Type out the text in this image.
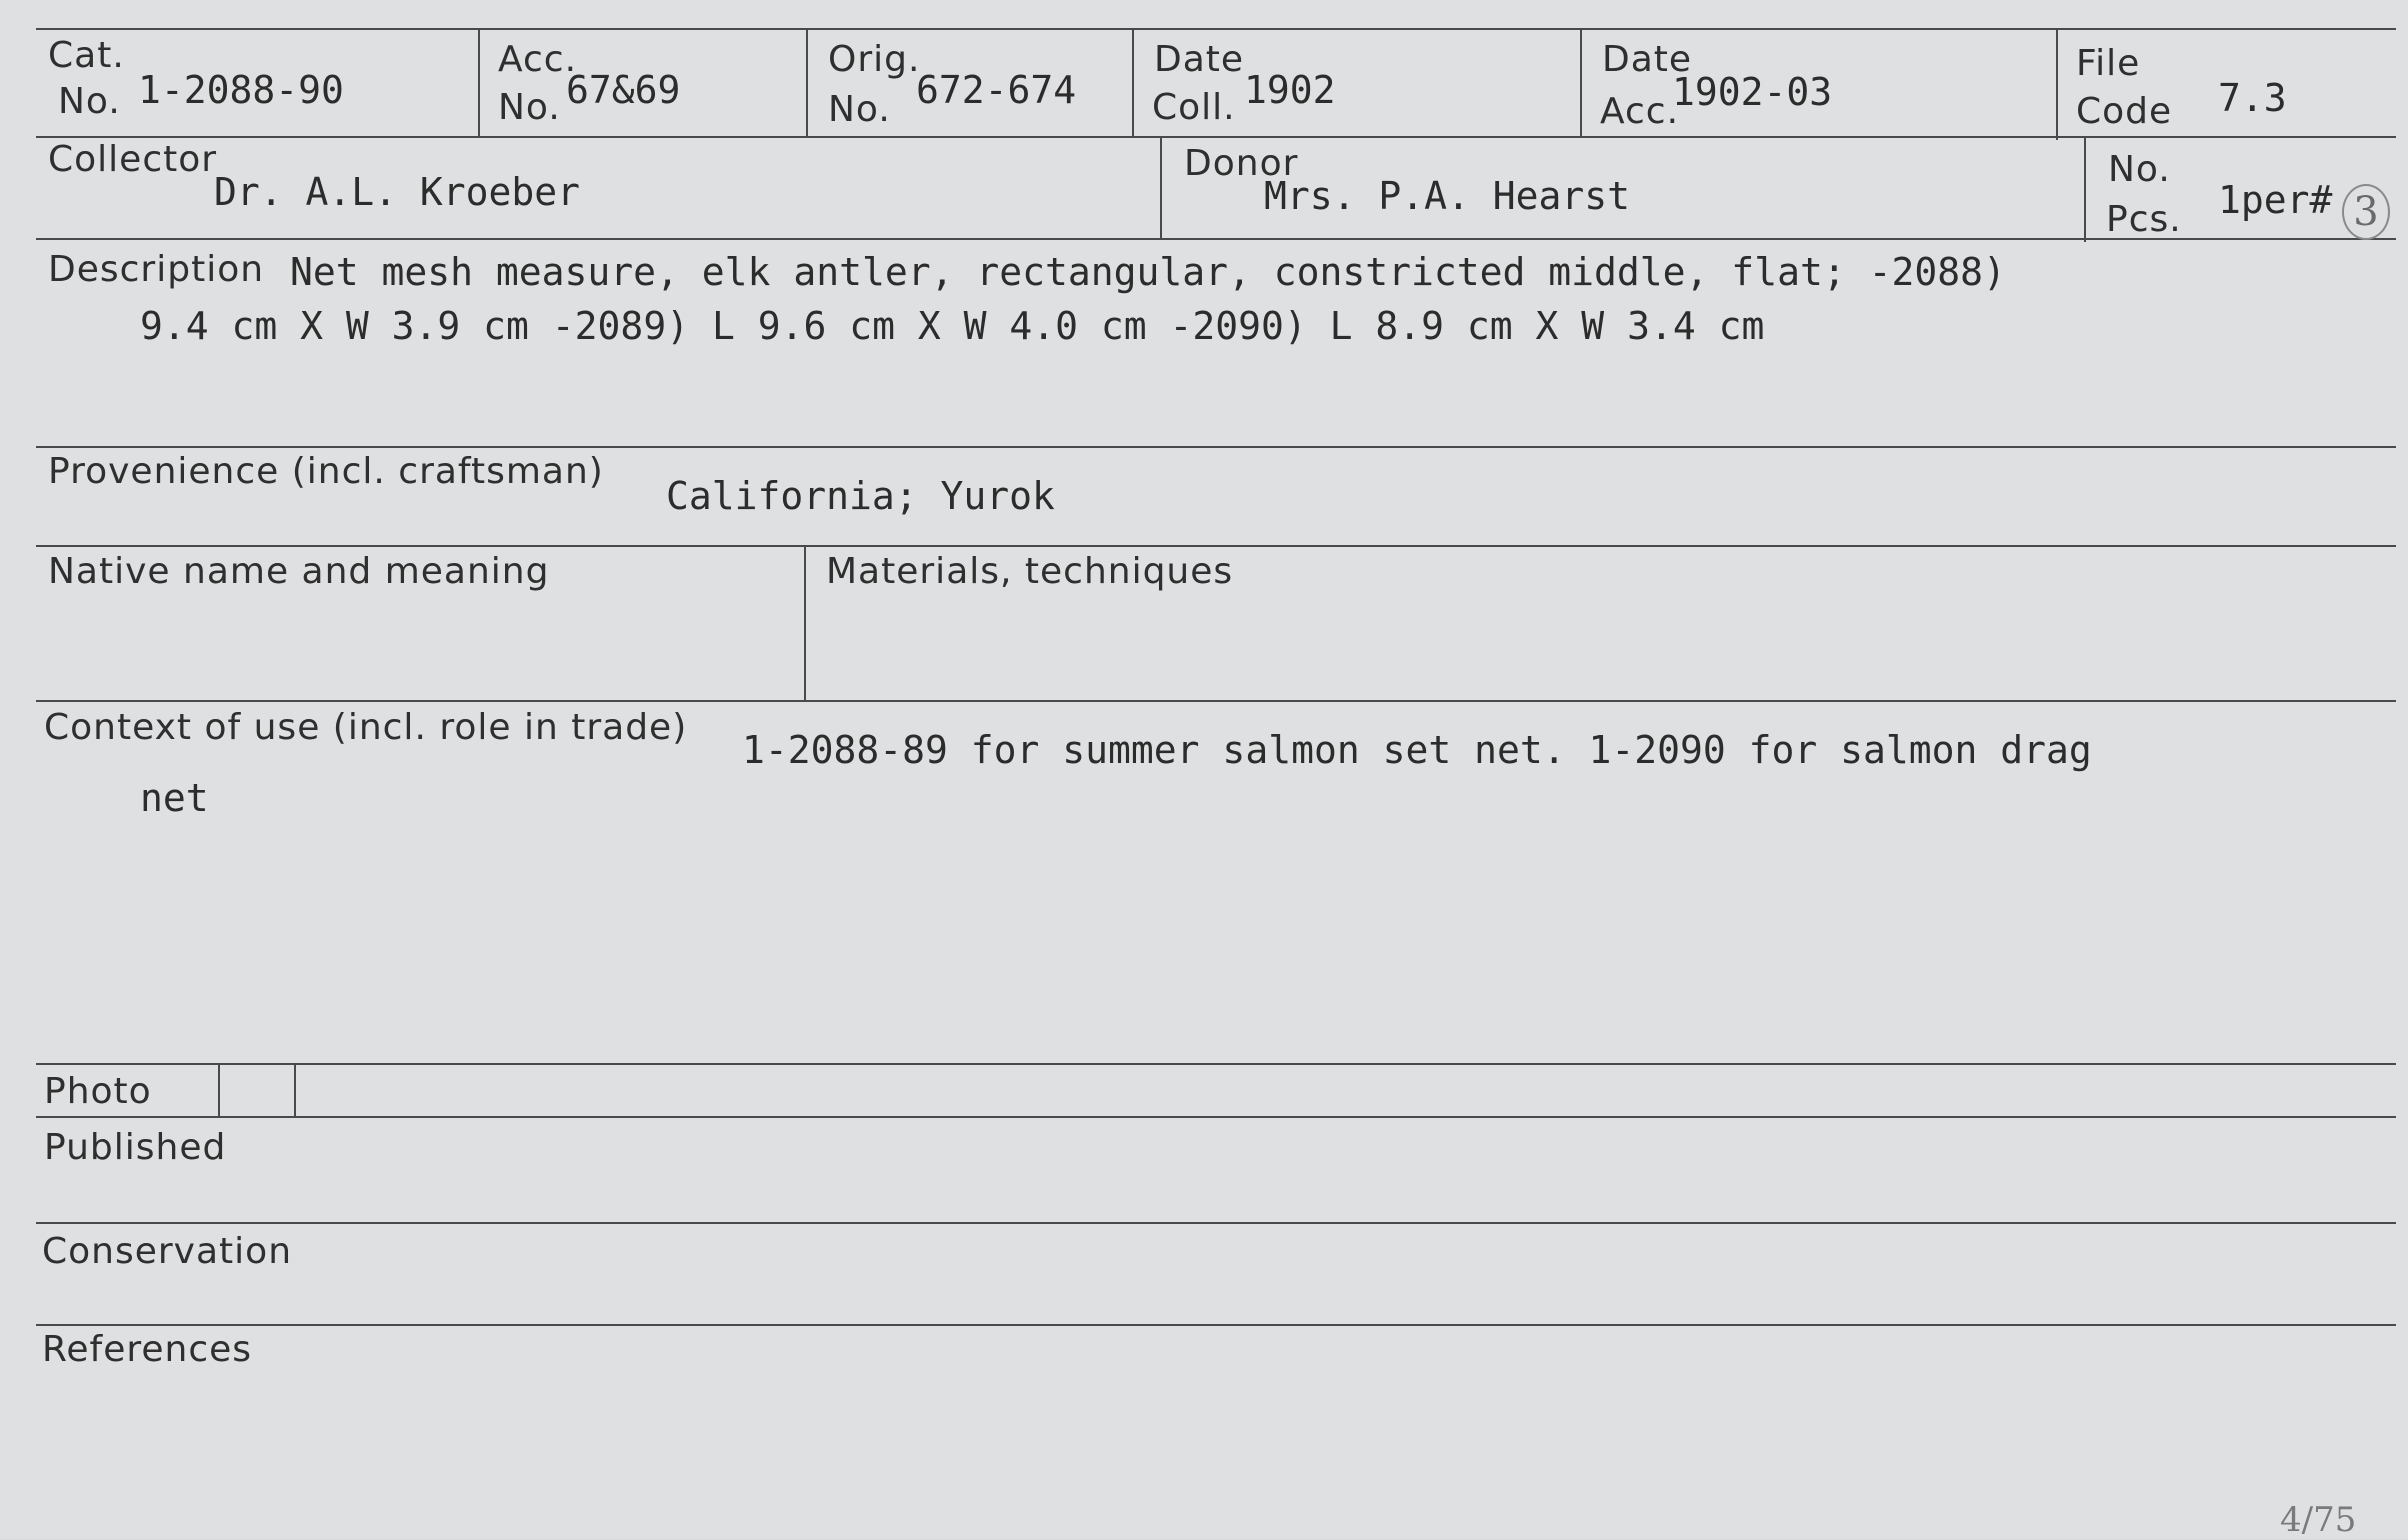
Cat.
No. 1-2088-90
Acc.
No. 67&69
Orig.
No. 672-674
Date
Coll. 1902
Date
Acc.
1902-03
File
Code 7.3
Collector
Dr. A.L. Kroeber
Donor
Mrs. P.A. Hearst
No.
Pcs. 1per# 3
Description Net mesh measure, elk antler, rectangular, constricted middle, flat; -2088)
9.4 cm X W 3.9 cm -2089) L 9.6 cm X W 4.0 cm -2090) L 8.9 cm X W 3.4 cm
Provenience (incl. craftsman)
California; Yurok
Native name and meaning	Materials, techniques
Context of use (incl. role in trade)
1-2088-89 for summer salmon set net. 1-2090 for salmon drag
net
Photo
Published
Conservation
References
4/75
